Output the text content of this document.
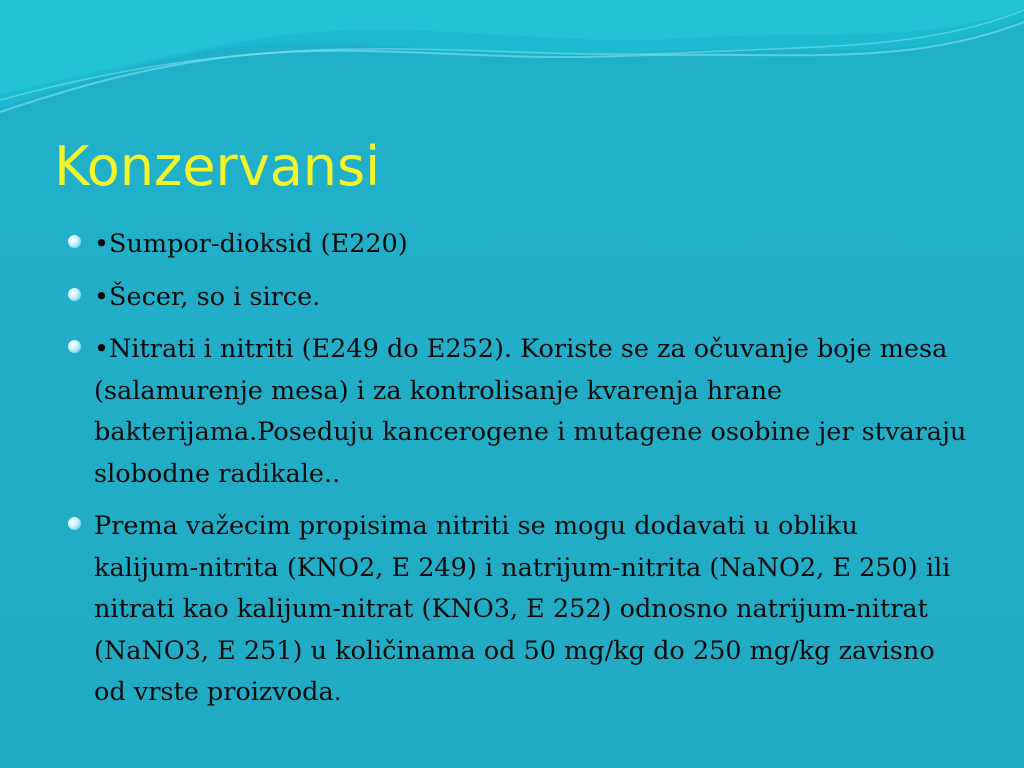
Konzervansi
•Sumpor-dioksid (E220)
•Šecer, so i sirce.
•Nitrati i nitriti (E249 do E252). Koriste se za očuvanje boje mesa (salamurenje mesa) i za kontrolisanje kvarenja hrane bakterijama.Poseduju kancerogene i mutagene osobine jer stvaraju slobodne radikale..
Prema važecim propisima nitriti se mogu dodavati u obliku kalijum-nitrita (KNO2, E 249) i natrijum-nitrita (NaNO2, E 250) ili nitrati kao kalijum-nitrat (KNO3, E 252) odnosno natrijum-nitrat (NaNO3, E 251) u količinama od 50 mg/kg do 250 mg/kg zavisno od vrste proizvoda.
